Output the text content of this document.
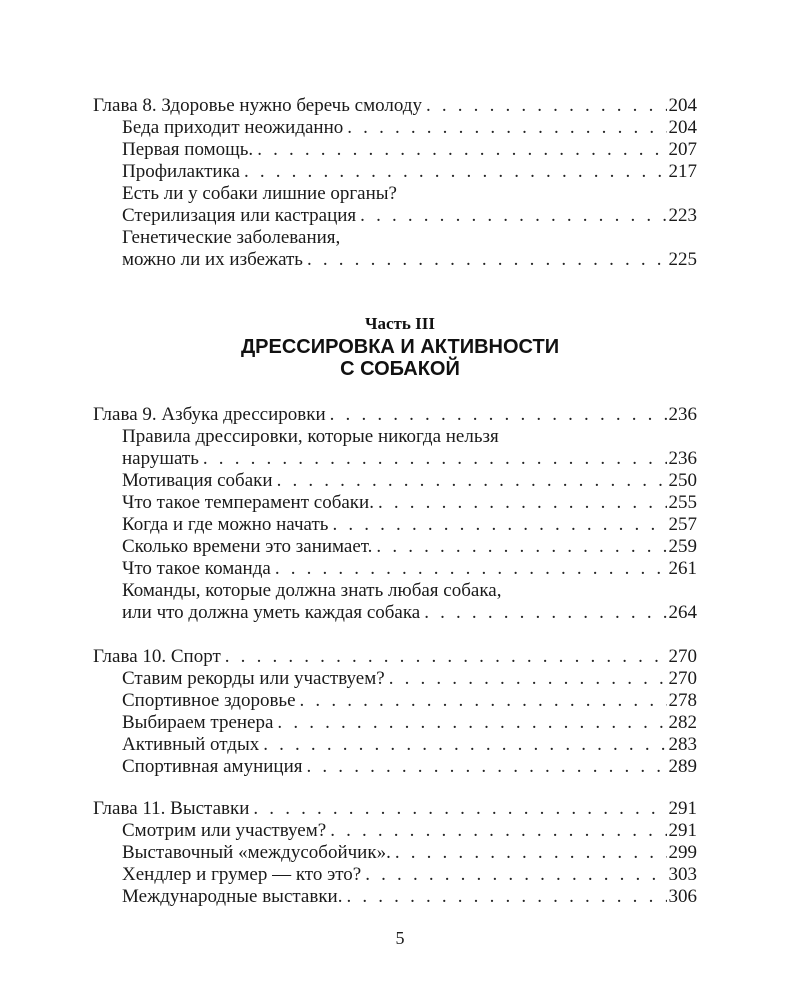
Глава 8. Здоровье нужно беречь смолоду . . .	204
Беда приходит неожиданно . . .	204
Первая помощь. . . .	207
Профилактика . . .	217
Есть ли у собаки лишние органы?
Стерилизация или кастрация . . .	223
Генетические заболевания,
можно ли их избежать . . .	225
Часть III
ДРЕССИРОВКА И АКТИВНОСТИ
С СОБАКОЙ
Глава 9. Азбука дрессировки . . .	236
Правила дрессировки, которые никогда нельзя
нарушать . . .	236
Мотивация собаки . . .	250
Что такое темперамент собаки. . . .	255
Когда и где можно начать . . .	257
Сколько времени это занимает. . . .	259
Что такое команда . . .	261
Команды, которые должна знать любая собака,
или что должна уметь каждая собака . . .	264
Глава 10. Спорт . . .	270
Ставим рекорды или участвуем? . . .	270
Спортивное здоровье . . .	278
Выбираем тренера . . .	282
Активный отдых . . .	283
Спортивная амуниция . . .	289
Глава 11. Выставки . . .	291
Смотрим или участвуем? . . .	291
Выставочный «междусобойчик». . . .	299
Хендлер и грумер — кто это? . . .	303
Международные выставки. . . .	306
5
